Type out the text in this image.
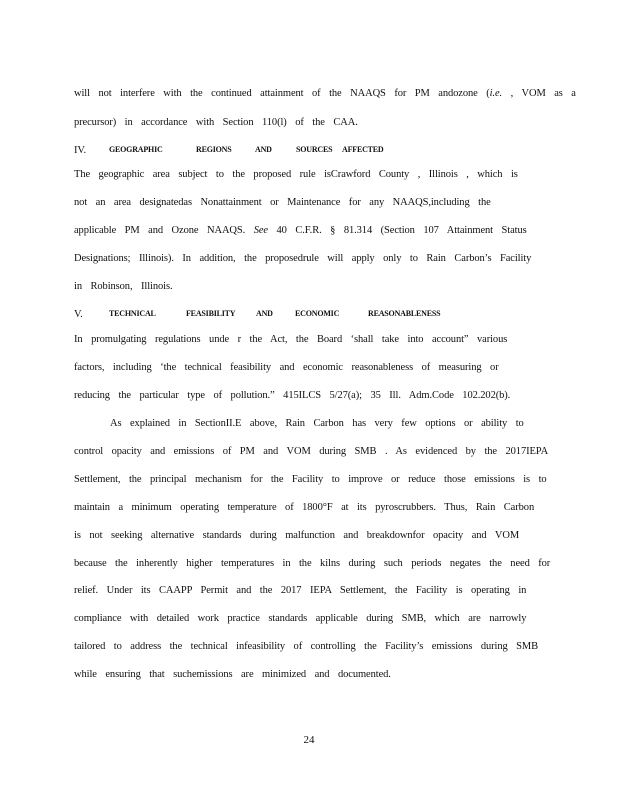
will not interfere with the continued attainment of the NAAQS for PM andozone (i.e. , VOM as a
precursor) in accordance with Section 110(l) of the CAA.
IV.	GEOGRAPHIC	REGIONS	AND	SOURCES AFFECTED
The geographic area subject to the proposed rule isCrawford County , Illinois , which is
not an area designatedas Nonattainment or Maintenance for any NAAQS,including the
applicable PM and Ozone NAAQS. See 40 C.F.R. § 81.314 (Section 107 Attainment Status
Designations; Illinois). In addition, the proposedrule will apply only to Rain Carbon’s Facility
in Robinson, Illinois.
V.	TECHNICAL	FEASIBILITY	AND	ECONOMIC	REASONABLENESS
In promulgating regulations unde r the Act, the Board ‘shall take into account” various
factors, including ‘the technical feasibility and economic reasonableness of measuring or
reducing the particular type of pollution.” 415ILCS 5/27(a); 35 Ill. Adm.Code 102.202(b).
As explained in SectionII.E above, Rain Carbon has very few options or ability to
control opacity and emissions of PM and VOM during SMB . As evidenced by the 2017IEPA
Settlement, the principal mechanism for the Facility to improve or reduce those emissions is to
maintain a minimum operating temperature of 1800°F at its pyroscrubbers. Thus, Rain Carbon
is not seeking alternative standards during malfunction and breakdownfor opacity and VOM
because the inherently higher temperatures in the kilns during such periods negates the need for
relief. Under its CAAPP Permit and the 2017 IEPA Settlement, the Facility is operating in
compliance with detailed work practice standards applicable during SMB, which are narrowly
tailored to address the technical infeasibility of controlling the Facility’s emissions during SMB
while ensuring that suchemissions are minimized and documented.
24
